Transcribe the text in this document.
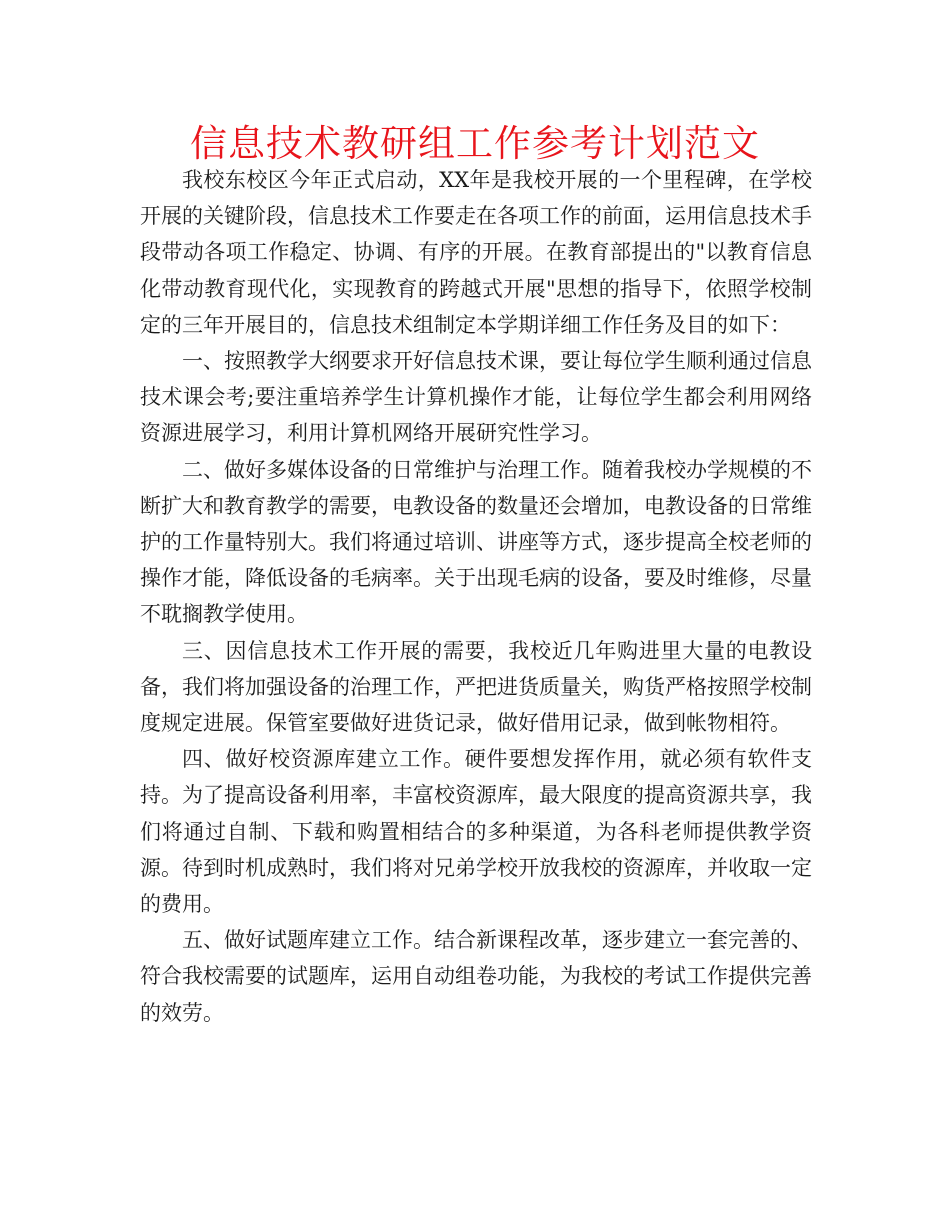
信息技术教研组工作参考计划范文

我校东校区今年正式启动，XX年是我校开展的一个里程碑，在学校开展的关键阶段，信息技术工作要走在各项工作的前面，运用信息技术手段带动各项工作稳定、协调、有序的开展。在教育部提出的"以教育信息化带动教育现代化，实现教育的跨越式开展"思想的指导下，依照学校制定的三年开展目的，信息技术组制定本学期详细工作任务及目的如下：

一、按照教学大纲要求开好信息技术课，要让每位学生顺利通过信息技术课会考;要注重培养学生计算机操作才能，让每位学生都会利用网络资源进展学习，利用计算机网络开展研究性学习。

二、做好多媒体设备的日常维护与治理工作。随着我校办学规模的不断扩大和教育教学的需要，电教设备的数量还会增加，电教设备的日常维护的工作量特别大。我们将通过培训、讲座等方式，逐步提高全校老师的操作才能，降低设备的毛病率。关于出现毛病的设备，要及时维修，尽量不耽搁教学使用。

三、因信息技术工作开展的需要，我校近几年购进里大量的电教设备，我们将加强设备的治理工作，严把进货质量关，购货严格按照学校制度规定进展。保管室要做好进货记录，做好借用记录，做到帐物相符。

四、做好校资源库建立工作。硬件要想发挥作用，就必须有软件支持。为了提高设备利用率，丰富校资源库，最大限度的提高资源共享，我们将通过自制、下载和购置相结合的多种渠道，为各科老师提供教学资源。待到时机成熟时，我们将对兄弟学校开放我校的资源库，并收取一定的费用。

五、做好试题库建立工作。结合新课程改革，逐步建立一套完善的、符合我校需要的试题库，运用自动组卷功能，为我校的考试工作提供完善的效劳。
